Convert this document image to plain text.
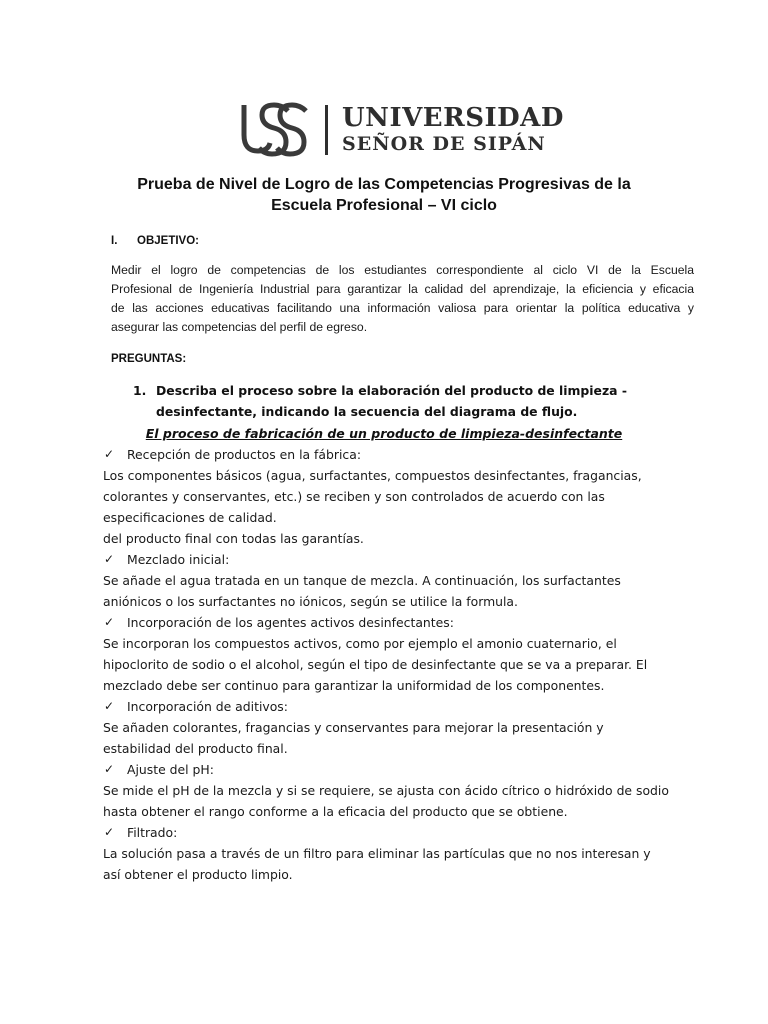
UNIVERSIDAD
SEÑOR DE SIPÁN
Prueba de Nivel de Logro de las Competencias Progresivas de la
Escuela Profesional – VI ciclo
I. OBJETIVO:
Medir el logro de competencias de los estudiantes correspondiente al ciclo VI de la Escuela
Profesional de Ingeniería Industrial para garantizar la calidad del aprendizaje, la eficiencia y eficacia
de las acciones educativas facilitando una información valiosa para orientar la política educativa y
asegurar las competencias del perfil de egreso.
PREGUNTAS:
1. Describa el proceso sobre la elaboración del producto de limpieza -
desinfectante, indicando la secuencia del diagrama de flujo.
El proceso de fabricación de un producto de limpieza-desinfectante
✓ Recepción de productos en la fábrica:
Los componentes básicos (agua, surfactantes, compuestos desinfectantes, fragancias,
colorantes y conservantes, etc.) se reciben y son controlados de acuerdo con las
especificaciones de calidad.
del producto final con todas las garantías.
✓ Mezclado inicial:
Se añade el agua tratada en un tanque de mezcla. A continuación, los surfactantes
aniónicos o los surfactantes no iónicos, según se utilice la formula.
✓ Incorporación de los agentes activos desinfectantes:
Se incorporan los compuestos activos, como por ejemplo el amonio cuaternario, el
hipoclorito de sodio o el alcohol, según el tipo de desinfectante que se va a preparar. El
mezclado debe ser continuo para garantizar la uniformidad de los componentes.
✓ Incorporación de aditivos:
Se añaden colorantes, fragancias y conservantes para mejorar la presentación y
estabilidad del producto final.
✓ Ajuste del pH:
Se mide el pH de la mezcla y si se requiere, se ajusta con ácido cítrico o hidróxido de sodio
hasta obtener el rango conforme a la eficacia del producto que se obtiene.
✓ Filtrado:
La solución pasa a través de un filtro para eliminar las partículas que no nos interesan y
así obtener el producto limpio.
